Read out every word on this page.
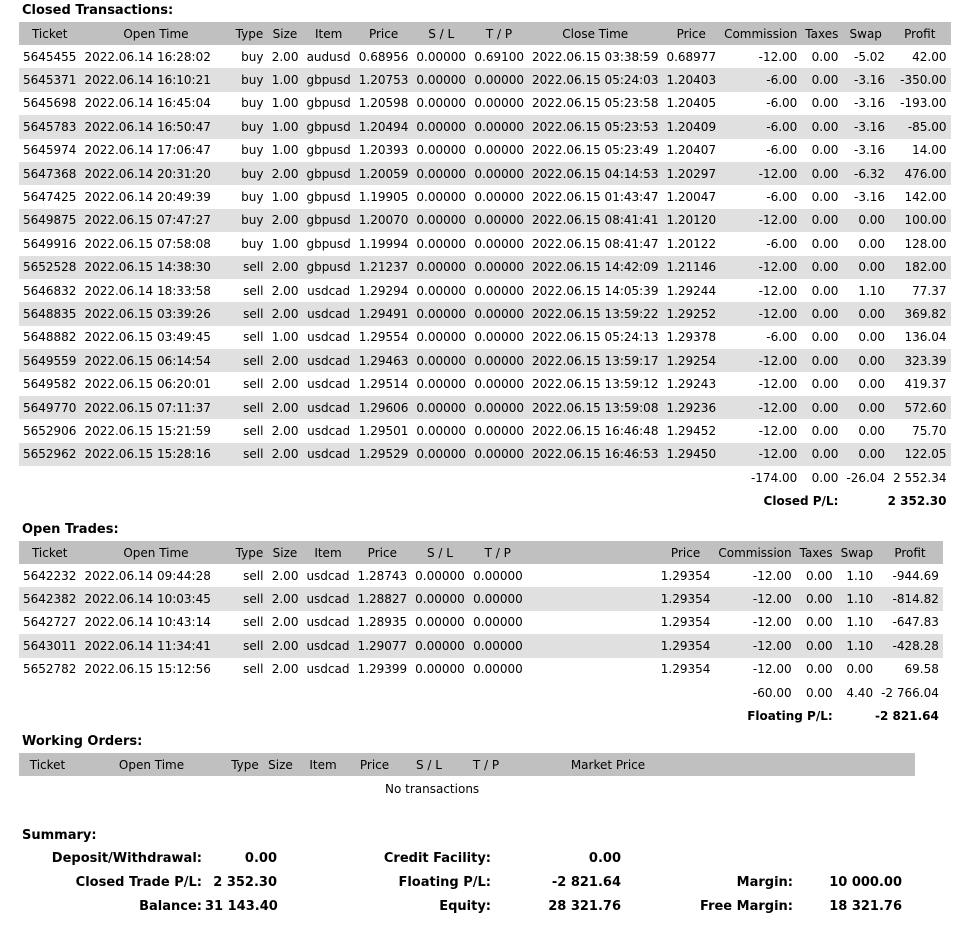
Closed Transactions:
Ticket	Open Time	Type	Size	Item	Price	S / L	T / P	Close Time	Price	Commission	Taxes	Swap	Profit
5645455	2022.06.14 16:28:02	buy	2.00	audusd	0.68956	0.00000	0.69100	2022.06.15 03:38:59	0.68977	-12.00	0.00	-5.02	42.00
5645371	2022.06.14 16:10:21	buy	1.00	gbpusd	1.20753	0.00000	0.00000	2022.06.15 05:24:03	1.20403	-6.00	0.00	-3.16	-350.00
5645698	2022.06.14 16:45:04	buy	1.00	gbpusd	1.20598	0.00000	0.00000	2022.06.15 05:23:58	1.20405	-6.00	0.00	-3.16	-193.00
5645783	2022.06.14 16:50:47	buy	1.00	gbpusd	1.20494	0.00000	0.00000	2022.06.15 05:23:53	1.20409	-6.00	0.00	-3.16	-85.00
5645974	2022.06.14 17:06:47	buy	1.00	gbpusd	1.20393	0.00000	0.00000	2022.06.15 05:23:49	1.20407	-6.00	0.00	-3.16	14.00
5647368	2022.06.14 20:31:20	buy	2.00	gbpusd	1.20059	0.00000	0.00000	2022.06.15 04:14:53	1.20297	-12.00	0.00	-6.32	476.00
5647425	2022.06.14 20:49:39	buy	1.00	gbpusd	1.19905	0.00000	0.00000	2022.06.15 01:43:47	1.20047	-6.00	0.00	-3.16	142.00
5649875	2022.06.15 07:47:27	buy	2.00	gbpusd	1.20070	0.00000	0.00000	2022.06.15 08:41:41	1.20120	-12.00	0.00	0.00	100.00
5649916	2022.06.15 07:58:08	buy	1.00	gbpusd	1.19994	0.00000	0.00000	2022.06.15 08:41:47	1.20122	-6.00	0.00	0.00	128.00
5652528	2022.06.15 14:38:30	sell	2.00	gbpusd	1.21237	0.00000	0.00000	2022.06.15 14:42:09	1.21146	-12.00	0.00	0.00	182.00
5646832	2022.06.14 18:33:58	sell	2.00	usdcad	1.29294	0.00000	0.00000	2022.06.15 14:05:39	1.29244	-12.00	0.00	1.10	77.37
5648835	2022.06.15 03:39:26	sell	2.00	usdcad	1.29491	0.00000	0.00000	2022.06.15 13:59:22	1.29252	-12.00	0.00	0.00	369.82
5648882	2022.06.15 03:49:45	sell	1.00	usdcad	1.29554	0.00000	0.00000	2022.06.15 05:24:13	1.29378	-6.00	0.00	0.00	136.04
5649559	2022.06.15 06:14:54	sell	2.00	usdcad	1.29463	0.00000	0.00000	2022.06.15 13:59:17	1.29254	-12.00	0.00	0.00	323.39
5649582	2022.06.15 06:20:01	sell	2.00	usdcad	1.29514	0.00000	0.00000	2022.06.15 13:59:12	1.29243	-12.00	0.00	0.00	419.37
5649770	2022.06.15 07:11:37	sell	2.00	usdcad	1.29606	0.00000	0.00000	2022.06.15 13:59:08	1.29236	-12.00	0.00	0.00	572.60
5652906	2022.06.15 15:21:59	sell	2.00	usdcad	1.29501	0.00000	0.00000	2022.06.15 16:46:48	1.29452	-12.00	0.00	0.00	75.70
5652962	2022.06.15 15:28:16	sell	2.00	usdcad	1.29529	0.00000	0.00000	2022.06.15 16:46:53	1.29450	-12.00	0.00	0.00	122.05
										-174.00	0.00	-26.04	2 552.34
										Closed P/L:		2 352.30	
Open Trades:
Ticket	Open Time	Type	Size	Item	Price	S / L	T / P		Price	Commission	Taxes	Swap	Profit
5642232	2022.06.14 09:44:28	sell	2.00	usdcad	1.28743	0.00000	0.00000		1.29354	-12.00	0.00	1.10	-944.69
5642382	2022.06.14 10:03:45	sell	2.00	usdcad	1.28827	0.00000	0.00000		1.29354	-12.00	0.00	1.10	-814.82
5642727	2022.06.14 10:43:14	sell	2.00	usdcad	1.28935	0.00000	0.00000		1.29354	-12.00	0.00	1.10	-647.83
5643011	2022.06.14 11:34:41	sell	2.00	usdcad	1.29077	0.00000	0.00000		1.29354	-12.00	0.00	1.10	-428.28
5652782	2022.06.15 15:12:56	sell	2.00	usdcad	1.29399	0.00000	0.00000		1.29354	-12.00	0.00	0.00	69.58
										-60.00	0.00	4.40	-2 766.04
										Floating P/L:		-2 821.64	
Working Orders:
Ticket	Open Time	Type	Size	Item	Price	S / L	T / P	Market Price	
No transactions
Summary:
Deposit/Withdrawal:	0.00
Closed Trade P/L: 2 352.30
Balance: 31 143.40
Credit Facility:	0.00
Floating P/L:	-2 821.64
Equity:	28 321.76
Margin:	10 000.00
Free Margin:	18 321.76
